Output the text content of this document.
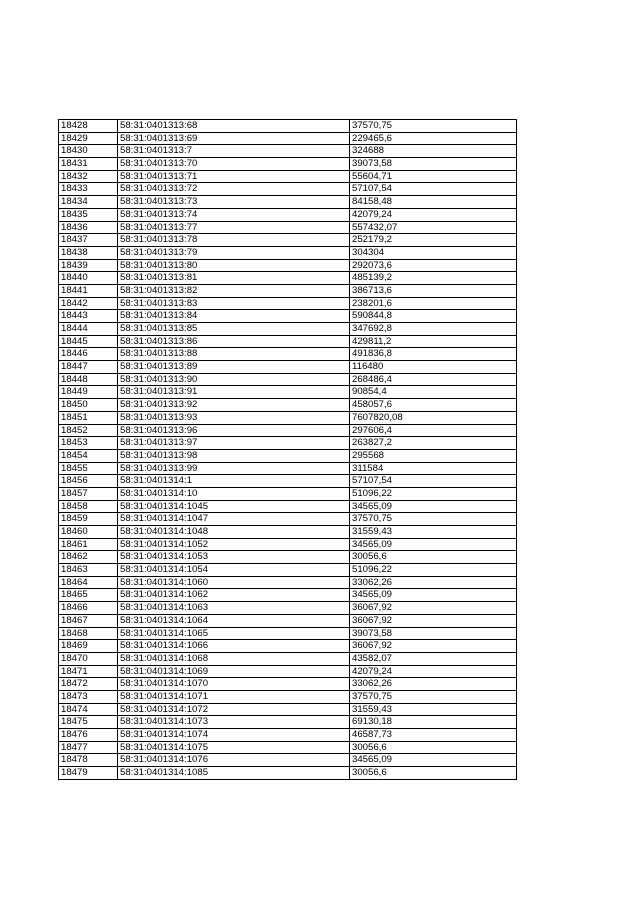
18428	58:31:0401313:68	37570,75
18429	58:31:0401313:69	229465,6
18430	58:31:0401313:7	324688
18431	58:31:0401313:70	39073,58
18432	58:31:0401313:71	55604,71
18433	58:31:0401313:72	57107,54
18434	58:31:0401313:73	84158,48
18435	58:31:0401313:74	42079,24
18436	58:31:0401313:77	557432,07
18437	58:31:0401313:78	252179,2
18438	58:31:0401313:79	304304
18439	58:31:0401313:80	292073,6
18440	58:31:0401313:81	485139,2
18441	58:31:0401313:82	386713,6
18442	58:31:0401313:83	238201,6
18443	58:31:0401313:84	590844,8
18444	58:31:0401313:85	347692,8
18445	58:31:0401313:86	429811,2
18446	58:31:0401313:88	491836,8
18447	58:31:0401313:89	116480
18448	58:31:0401313:90	268486,4
18449	58:31:0401313:91	90854,4
18450	58:31:0401313:92	458057,6
18451	58:31:0401313:93	7607820,08
18452	58:31:0401313:96	297606,4
18453	58:31:0401313:97	263827,2
18454	58:31:0401313:98	295568
18455	58:31:0401313:99	311584
18456	58:31:0401314:1	57107,54
18457	58:31:0401314:10	51096,22
18458	58:31:0401314:1045	34565,09
18459	58:31:0401314:1047	37570,75
18460	58:31:0401314:1048	31559,43
18461	58:31:0401314:1052	34565,09
18462	58:31:0401314:1053	30056,6
18463	58:31:0401314:1054	51096,22
18464	58:31:0401314:1060	33062,26
18465	58:31:0401314:1062	34565,09
18466	58:31:0401314:1063	36067,92
18467	58:31:0401314:1064	36067,92
18468	58:31:0401314:1065	39073,58
18469	58:31:0401314:1066	36067,92
18470	58:31:0401314:1068	43582,07
18471	58:31:0401314:1069	42079,24
18472	58:31:0401314:1070	33062,26
18473	58:31:0401314:1071	37570,75
18474	58:31:0401314:1072	31559,43
18475	58:31:0401314:1073	69130,18
18476	58:31:0401314:1074	46587,73
18477	58:31:0401314:1075	30056,6
18478	58:31:0401314:1076	34565,09
18479	58:31:0401314:1085	30056,6
